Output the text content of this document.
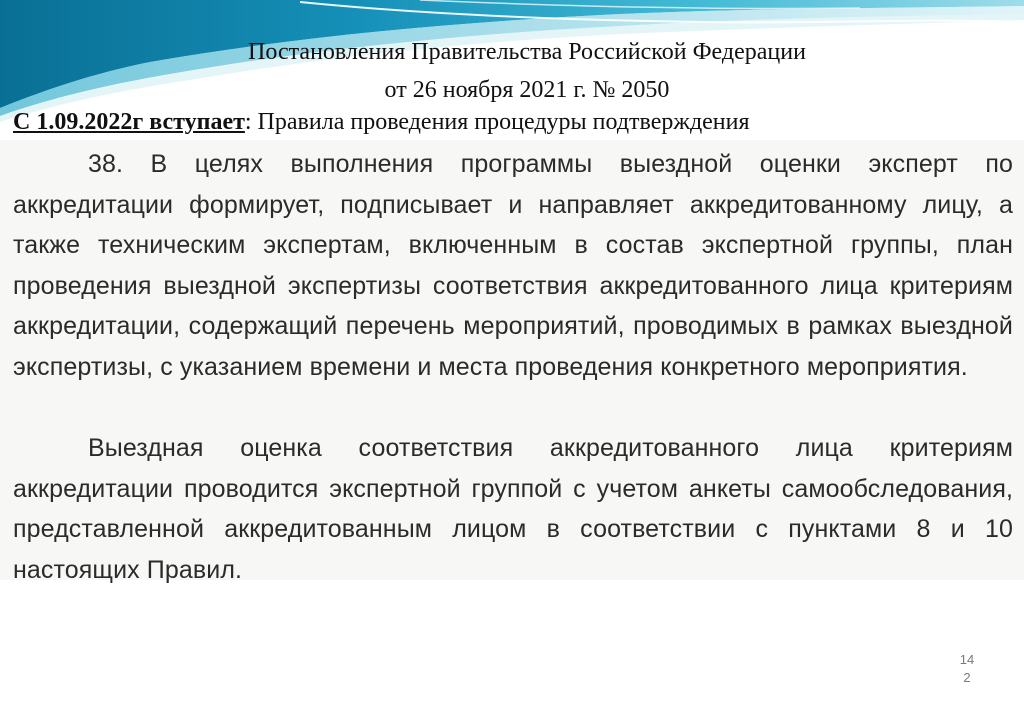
Постановления Правительства Российской Федерации
от 26 ноября 2021 г. № 2050
С 1.09.2022г вступает: Правила проведения процедуры подтверждения
38. В целях выполнения программы выездной оценки эксперт по аккредитации формирует, подписывает и направляет аккредитованному лицу, а также техническим экспертам, включенным в состав экспертной группы, план проведения выездной экспертизы соответствия аккредитованного лица критериям аккредитации, содержащий перечень мероприятий, проводимых в рамках выездной экспертизы, с указанием времени и места проведения конкретного мероприятия.
Выездная оценка соответствия аккредитованного лица критериям аккредитации проводится экспертной группой с учетом анкеты самообследования, представленной аккредитованным лицом в соответствии с пунктами 8 и 10 настоящих Правил.
14
2
